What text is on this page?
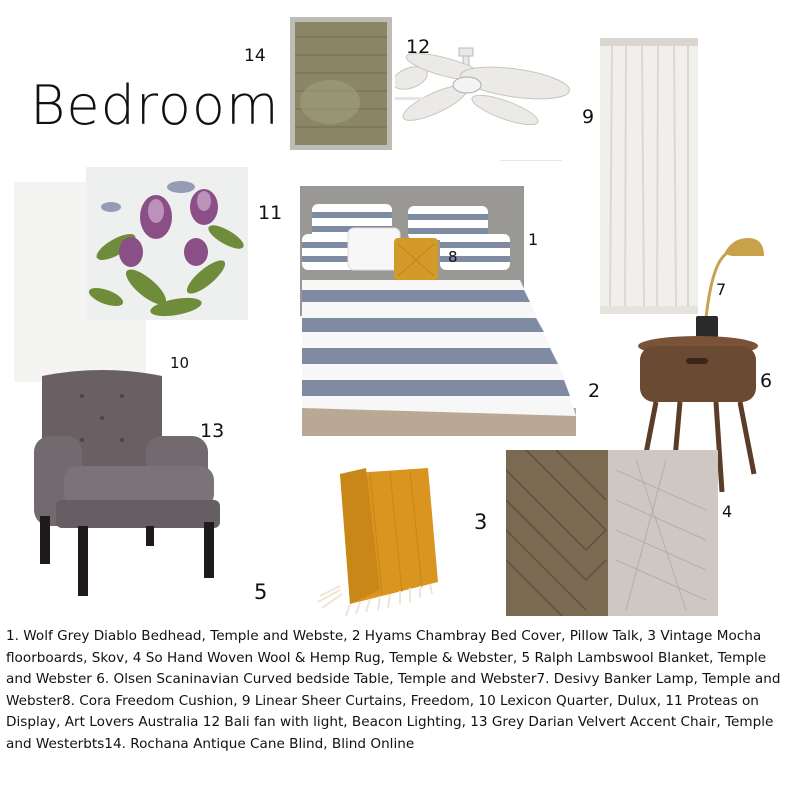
Bedroom
14	12
9
10
11
1
8
2
7
6
13
5
3	4
1. Wolf Grey Diablo Bedhead, Temple and Webste, 2 Hyams Chambray Bed Cover, Pillow Talk, 3 Vintage Mocha floorboards, Skov, 4 So Hand Woven Wool & Hemp Rug, Temple & Webster, 5 Ralph Lambswool Blanket, Temple and Webster 6. Olsen Scaninavian Curved bedside Table, Temple and Webster7. Desivy Banker Lamp, Temple and Webster8. Cora Freedom Cushion, 9 Linear Sheer Curtains, Freedom, 10 Lexicon Quarter, Dulux, 11 Proteas on Display, Art Lovers Australia 12 Bali fan with light, Beacon Lighting, 13 Grey Darian Velvert Accent Chair, Temple and Westerbts14. Rochana Antique Cane Blind, Blind Online
